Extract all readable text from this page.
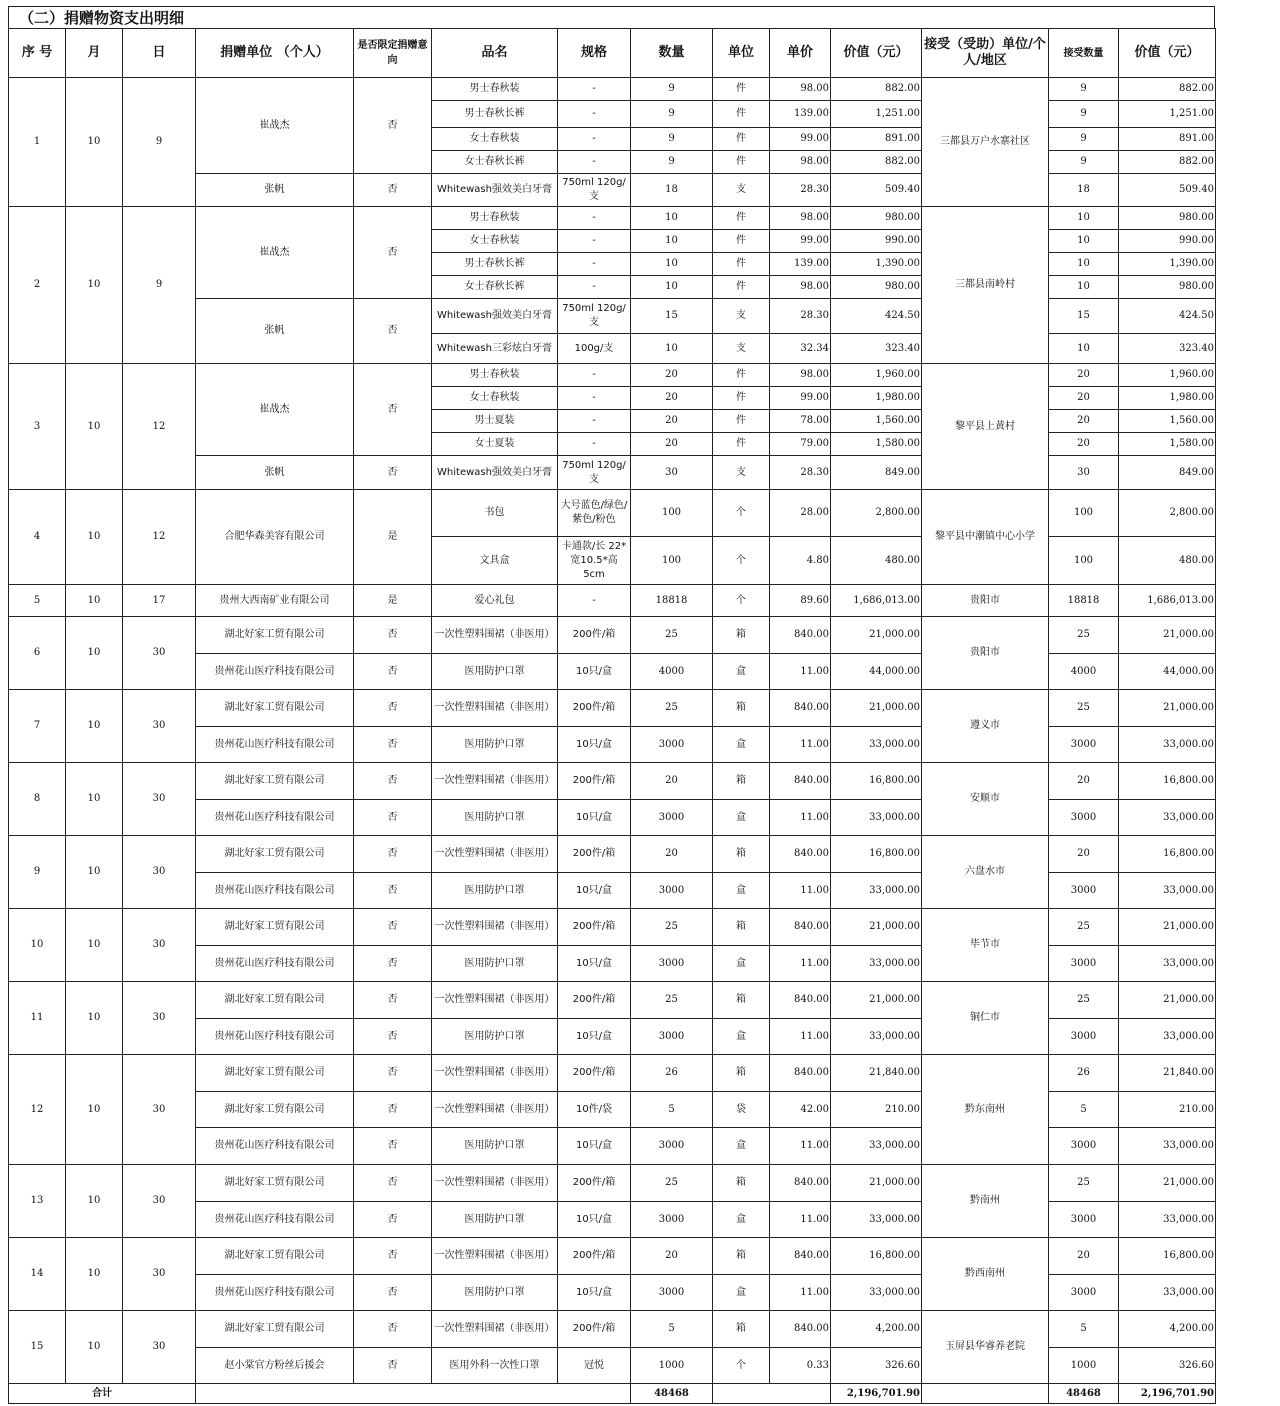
（二）捐赠物资支出明细
序 号	月	日	捐赠单位 （个人）	是否限定捐赠意向	品名	规格	数量	单位	单价	价值（元）	接受（受助）单位/个人/地区	接受数量	价值（元）
1	10	9	崔战杰	否	男士春秋装	-	9	件	98.00	882.00	三都县万户水寨社区	9	882.00
					男士春秋长裤	-	9	件	139.00	1,251.00		9	1,251.00
					女士春秋装	-	9	件	99.00	891.00		9	891.00
					女士春秋长裤	-	9	件	98.00	882.00		9	882.00
			张帆	否	Whitewash强效美白牙膏	750ml 120g/支	18	支	28.30	509.40		18	509.40
2	10	9	崔战杰	否	男士春秋装	-	10	件	98.00	980.00	三都县南岭村	10	980.00
					女士春秋装	-	10	件	99.00	990.00		10	990.00
					男士春秋长裤	-	10	件	139.00	1,390.00		10	1,390.00
					女士春秋长裤	-	10	件	98.00	980.00		10	980.00
			张帆	否	Whitewash强效美白牙膏	750ml 120g/支	15	支	28.30	424.50		15	424.50
					Whitewash三彩炫白牙膏	100g/支	10	支	32.34	323.40		10	323.40
3	10	12	崔战杰	否	男士春秋装	-	20	件	98.00	1,960.00	黎平县上黄村	20	1,960.00
					女士春秋装	-	20	件	99.00	1,980.00		20	1,980.00
					男士夏装	-	20	件	78.00	1,560.00		20	1,560.00
					女士夏装	-	20	件	79.00	1,580.00		20	1,580.00
			张帆	否	Whitewash强效美白牙膏	750ml 120g/支	30	支	28.30	849.00		30	849.00
4	10	12	合肥华森美容有限公司	是	书包	大号蓝色/绿色/紫色/粉色	100	个	28.00	2,800.00	黎平县中潮镇中心小学	100	2,800.00
					文具盒	卡通款/长 22*宽10.5*高 5cm	100	个	4.80	480.00		100	480.00
5	10	17	贵州大西南矿业有限公司	是	爱心礼包	-	18818	个	89.60	1,686,013.00	贵阳市	18818	1,686,013.00
6	10	30	湖北好家工贸有限公司	否	一次性塑料围裙（非医用）	200件/箱	25	箱	840.00	21,000.00	贵阳市	25	21,000.00
			贵州花山医疗科技有限公司	否	医用防护口罩	10只/盒	4000	盒	11.00	44,000.00		4000	44,000.00
7	10	30	湖北好家工贸有限公司	否	一次性塑料围裙（非医用）	200件/箱	25	箱	840.00	21,000.00	遵义市	25	21,000.00
			贵州花山医疗科技有限公司	否	医用防护口罩	10只/盒	3000	盒	11.00	33,000.00		3000	33,000.00
8	10	30	湖北好家工贸有限公司	否	一次性塑料围裙（非医用）	200件/箱	20	箱	840.00	16,800.00	安顺市	20	16,800.00
			贵州花山医疗科技有限公司	否	医用防护口罩	10只/盒	3000	盒	11.00	33,000.00		3000	33,000.00
9	10	30	湖北好家工贸有限公司	否	一次性塑料围裙（非医用）	200件/箱	20	箱	840.00	16,800.00	六盘水市	20	16,800.00
			贵州花山医疗科技有限公司	否	医用防护口罩	10只/盒	3000	盒	11.00	33,000.00		3000	33,000.00
10	10	30	湖北好家工贸有限公司	否	一次性塑料围裙（非医用）	200件/箱	25	箱	840.00	21,000.00	毕节市	25	21,000.00
			贵州花山医疗科技有限公司	否	医用防护口罩	10只/盒	3000	盒	11.00	33,000.00		3000	33,000.00
11	10	30	湖北好家工贸有限公司	否	一次性塑料围裙（非医用）	200件/箱	25	箱	840.00	21,000.00	铜仁市	25	21,000.00
			贵州花山医疗科技有限公司	否	医用防护口罩	10只/盒	3000	盒	11.00	33,000.00		3000	33,000.00
12	10	30	湖北好家工贸有限公司	否	一次性塑料围裙（非医用）	200件/箱	26	箱	840.00	21,840.00	黔东南州	26	21,840.00
			湖北好家工贸有限公司	否	一次性塑料围裙（非医用）	10件/袋	5	袋	42.00	210.00		5	210.00
			贵州花山医疗科技有限公司	否	医用防护口罩	10只/盒	3000	盒	11.00	33,000.00		3000	33,000.00
13	10	30	湖北好家工贸有限公司	否	一次性塑料围裙（非医用）	200件/箱	25	箱	840.00	21,000.00	黔南州	25	21,000.00
			贵州花山医疗科技有限公司	否	医用防护口罩	10只/盒	3000	盒	11.00	33,000.00		3000	33,000.00
14	10	30	湖北好家工贸有限公司	否	一次性塑料围裙（非医用）	200件/箱	20	箱	840.00	16,800.00	黔西南州	20	16,800.00
			贵州花山医疗科技有限公司	否	医用防护口罩	10只/盒	3000	盒	11.00	33,000.00		3000	33,000.00
15	10	30	湖北好家工贸有限公司	否	一次性塑料围裙（非医用）	200件/箱	5	箱	840.00	4,200.00	玉屏县华睿养老院	5	4,200.00
			赵小棠官方粉丝后援会	否	医用外科一次性口罩	冠悦	1000	个	0.33	326.60		1000	326.60
合计							48468			2,196,701.90		48468	2,196,701.90
